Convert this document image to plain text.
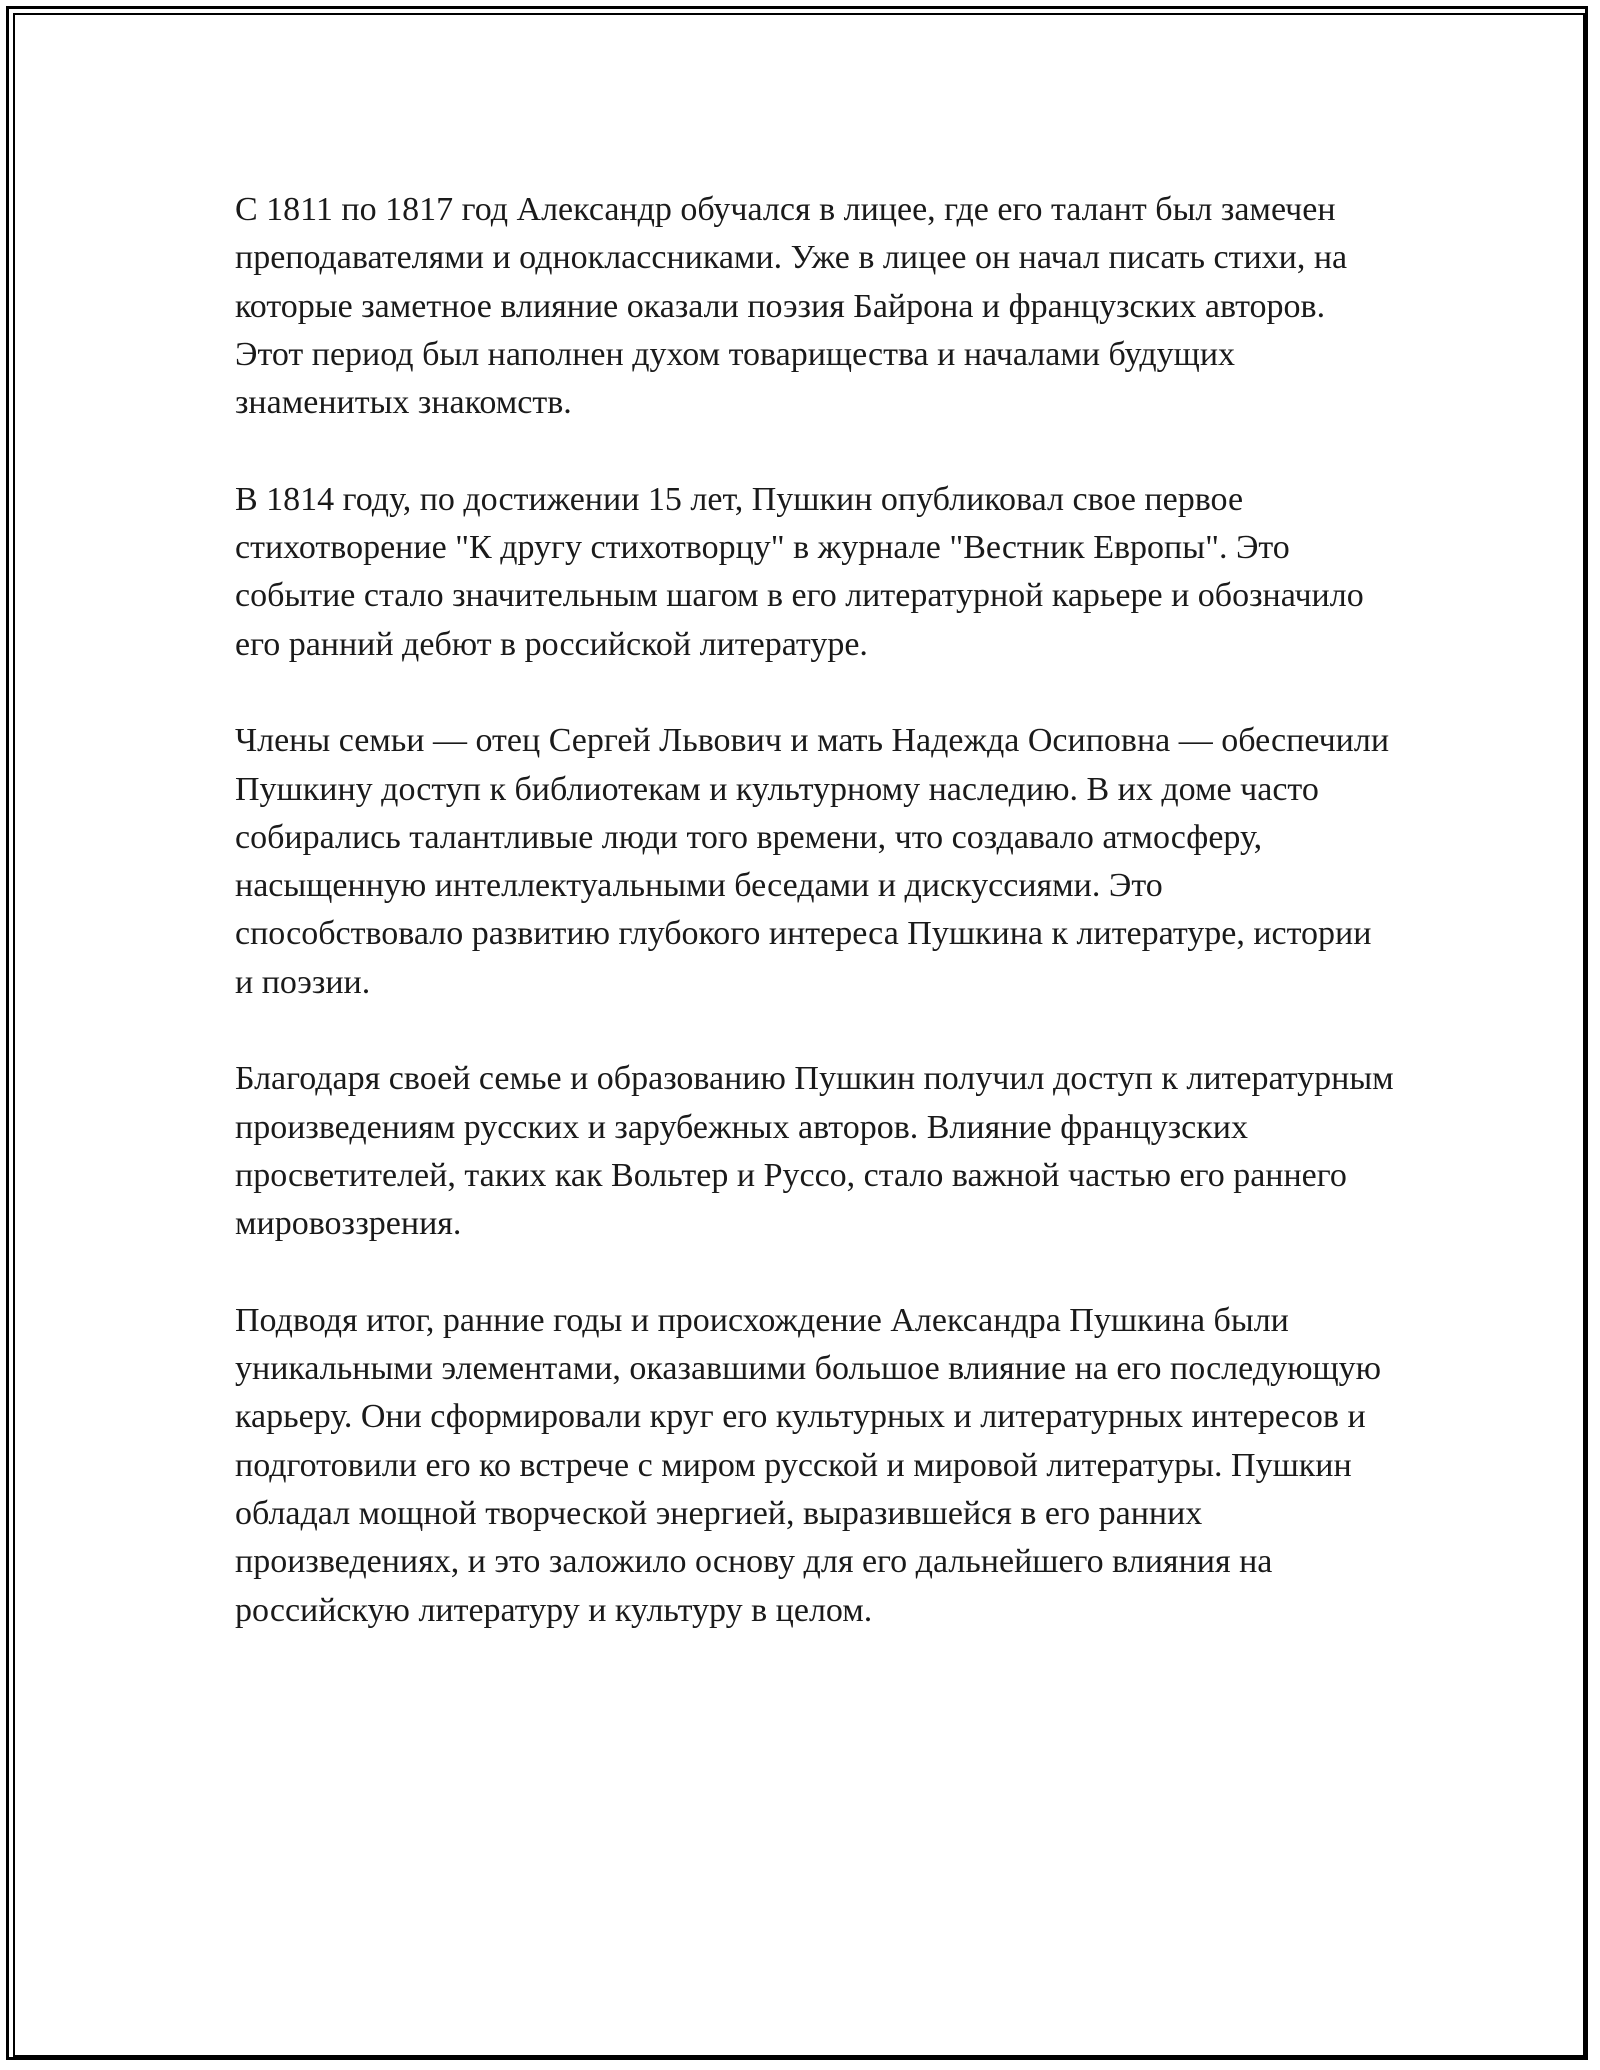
С 1811 по 1817 год Александр обучался в лицее, где его талант был замечен преподавателями и одноклассниками. Уже в лицее он начал писать стихи, на которые заметное влияние оказали поэзия Байрона и французских авторов. Этот период был наполнен духом товарищества и началами будущих знаменитых знакомств.

В 1814 году, по достижении 15 лет, Пушкин опубликовал свое первое стихотворение "К другу стихотворцу" в журнале "Вестник Европы". Это событие стало значительным шагом в его литературной карьере и обозначило его ранний дебют в российской литературе.

Члены семьи — отец Сергей Львович и мать Надежда Осиповна — обеспечили Пушкину доступ к библиотекам и культурному наследию. В их доме часто собирались талантливые люди того времени, что создавало атмосферу, насыщенную интеллектуальными беседами и дискуссиями. Это способствовало развитию глубокого интереса Пушкина к литературе, истории и поэзии.

Благодаря своей семье и образованию Пушкин получил доступ к литературным произведениям русских и зарубежных авторов. Влияние французских просветителей, таких как Вольтер и Руссо, стало важной частью его раннего мировоззрения.

Подводя итог, ранние годы и происхождение Александра Пушкина были уникальными элементами, оказавшими большое влияние на его последующую карьеру. Они сформировали круг его культурных и литературных интересов и подготовили его ко встрече с миром русской и мировой литературы. Пушкин обладал мощной творческой энергией, выразившейся в его ранних произведениях, и это заложило основу для его дальнейшего влияния на российскую литературу и культуру в целом.
